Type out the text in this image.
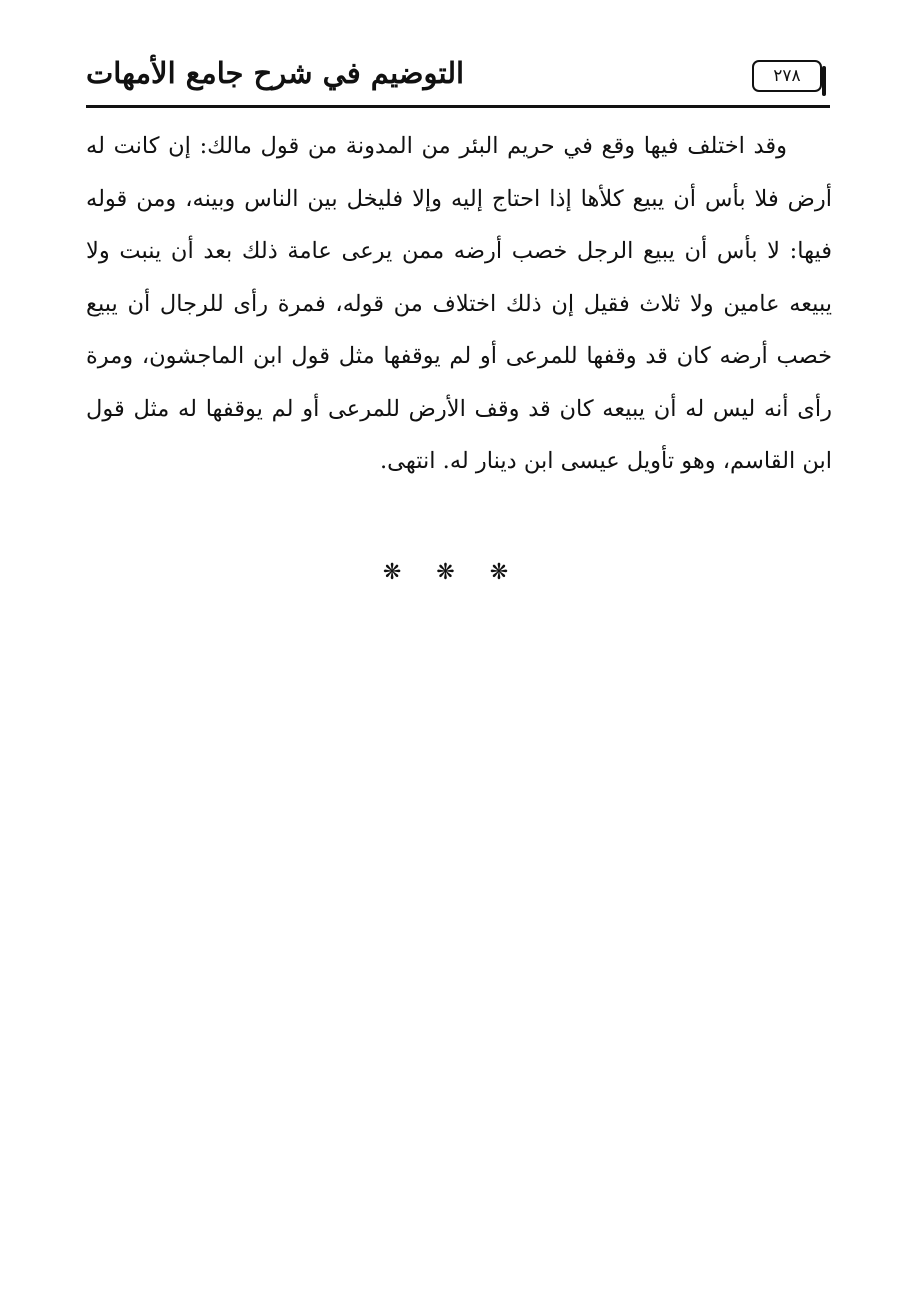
التوضيم في شرح جامع الأمهات	٢٧٨

وقد اختلف فيها وقع في حريم البئر من المدونة من قول مالك: إن كانت له أرض فلا بأس أن يبيع كلأها إذا احتاج إليه وإلا فليخل بين الناس وبينه، ومن قوله فيها: لا بأس أن يبيع الرجل خصب أرضه ممن يرعى عامة ذلك بعد أن ينبت ولا يبيعه عامين ولا ثلاث فقيل إن ذلك اختلاف من قوله، فمرة رأى للرجال أن يبيع خصب أرضه كان قد وقفها للمرعى أو لم يوقفها مثل قول ابن الماجشون، ومرة رأى أنه ليس له أن يبيعه كان قد وقف الأرض للمرعى أو لم يوقفها له مثل قول ابن القاسم، وهو تأويل عيسى ابن دينار له. انتهى.

❋ ❋ ❋
